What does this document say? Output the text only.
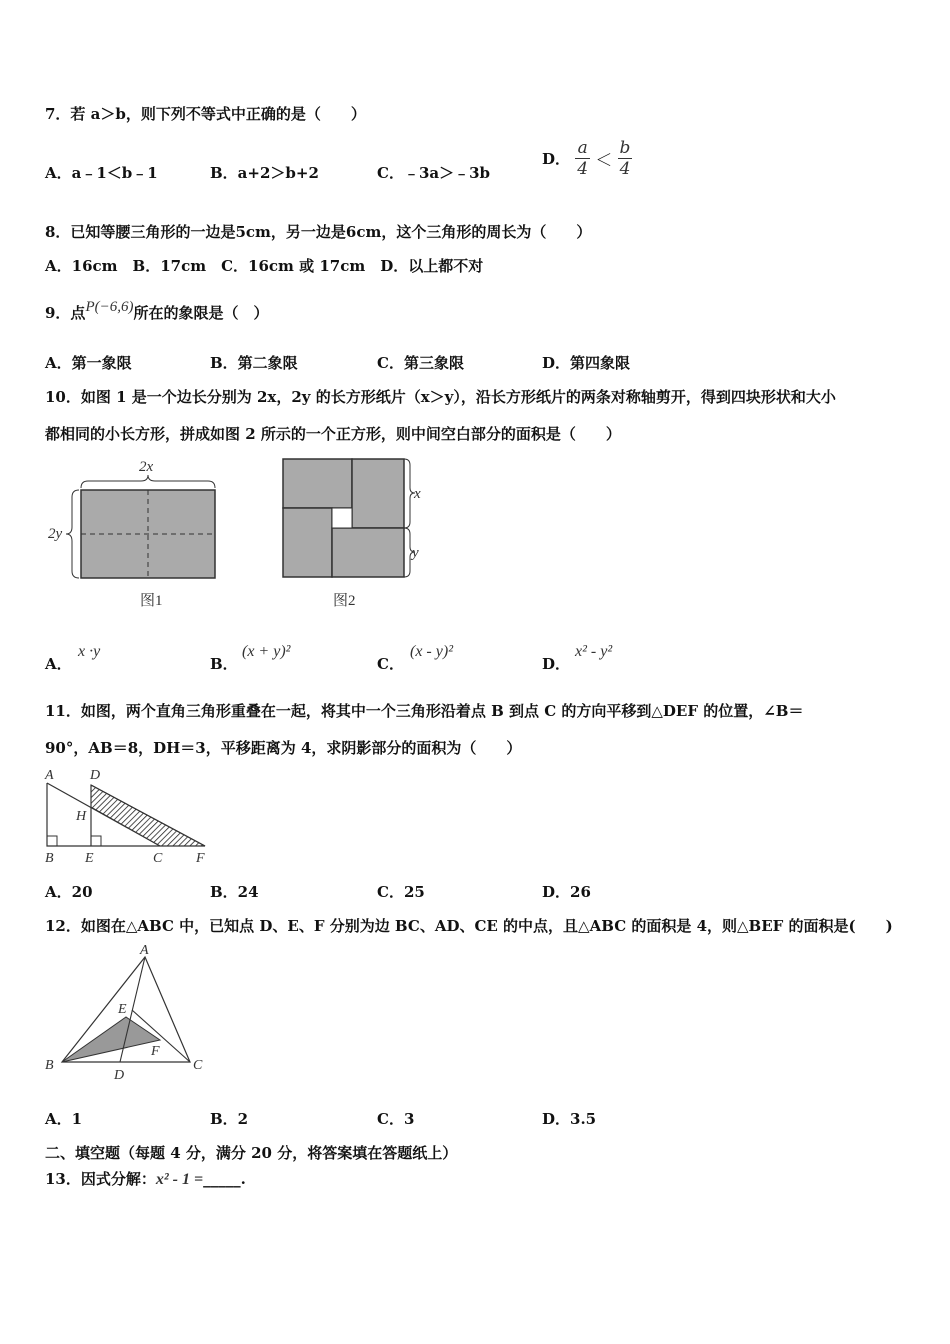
7．若 a＞b，则下列不等式中正确的是（　　）
A．a﹣1＜b﹣1	B．a+2＞b+2	C．﹣3a＞﹣3b
D． $\frac{a}{4} < \frac{b}{4}$
8．已知等腰三角形的一边是5cm，另一边是6cm，这个三角形的周长为（　　）
A．16cm　B．17cm　C．16cm 或 17cm　D．以上都不对
9．点P(−6,6)所在的象限是（　）
A．第一象限	B．第二象限	C．第三象限	D．第四象限
10．如图 1 是一个边长分别为 2x，2y 的长方形纸片（x＞y），沿长方形纸片的两条对称轴剪开，得到四块形状和大小
都相同的小长方形，拼成如图 2 所示的一个正方形，则中间空白部分的面积是（　　）
2x
2y
图1
x
y
图2
A．
x ·y
B．
(x + y)²
C．
(x - y)²
D．
x² - y²
11．如图，两个直角三角形重叠在一起，将其中一个三角形沿着点 B 到点 C 的方向平移到△DEF 的位置，∠B＝
90°，AB＝8，DH＝3，平移距离为 4，求阴影部分的面积为（　　）
A	D
H
B E	C F
A．20	B．24	C．25	D．26
12．如图在△ABC 中，已知点 D、E、F 分别为边 BC、AD、CE 的中点，且△ABC 的面积是 4，则△BEF 的面积是(　　)
A
B	C
D
E
F
A．1	B．2	C．3	D．3.5
二、填空题（每题 4 分，满分 20 分，将答案填在答题纸上）
13．因式分解：x² - 1 =_____.
